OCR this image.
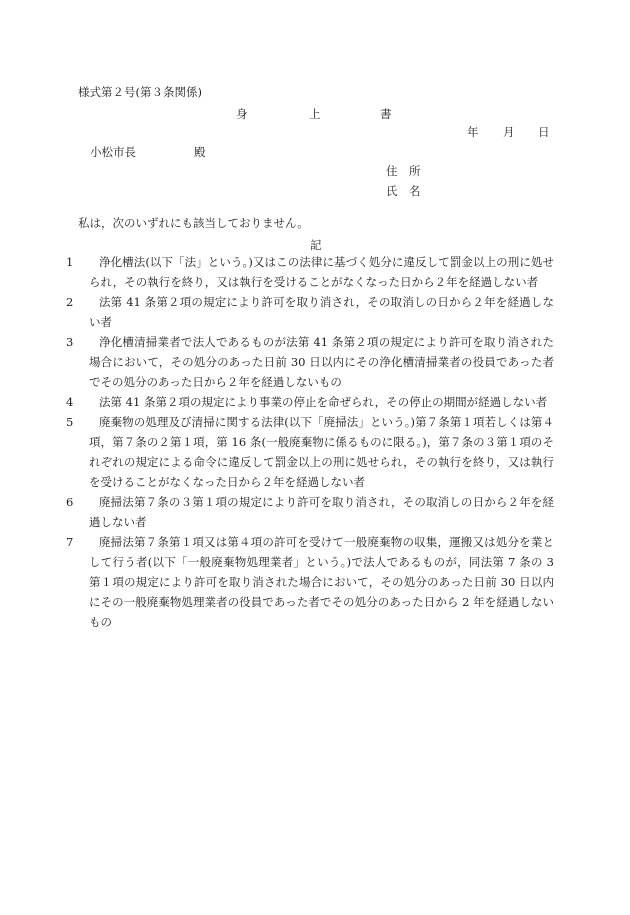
様式第２号(第３条関係)
身	上	書
年 月 日
小松市長	殿
住　所
氏　名
私は，次のいずれにも該当しておりません。
記
1	浄化槽法(以下「法」という。)又はこの法律に基づく処分に違反して罰金以上の刑に処せられ，その執行を終り，又は執行を受けることがなくなった日から２年を経過しない者
2	法第 41 条第２項の規定により許可を取り消され，その取消しの日から２年を経過しない者
3	浄化槽清掃業者で法人であるものが法第 41 条第２項の規定により許可を取り消された場合において，その処分のあった日前 30 日以内にその浄化槽清掃業者の役員であった者でその処分のあった日から２年を経過しないもの
4	法第 41 条第２項の規定により事業の停止を命ぜられ，その停止の期間が経過しない者
5	廃棄物の処理及び清掃に関する法律(以下「廃掃法」という。)第７条第１項若しくは第４項，第７条の２第１項，第 16 条(一般廃棄物に係るものに限る。)，第７条の３第１項のそれぞれの規定による命令に違反して罰金以上の刑に処せられ，その執行を終り，又は執行を受けることがなくなった日から２年を経過しない者
6	廃掃法第７条の３第１項の規定により許可を取り消され，その取消しの日から２年を経過しない者
7	廃掃法第７条第１項又は第４項の許可を受けて一般廃棄物の収集，運搬又は処分を業として行う者(以下「一般廃棄物処理業者」という。)で法人であるものが，同法第 7 条の 3 第１項の規定により許可を取り消された場合において，その処分のあった日前 30 日以内にその一般廃棄物処理業者の役員であった者でその処分のあった日から 2 年を経過しないもの
